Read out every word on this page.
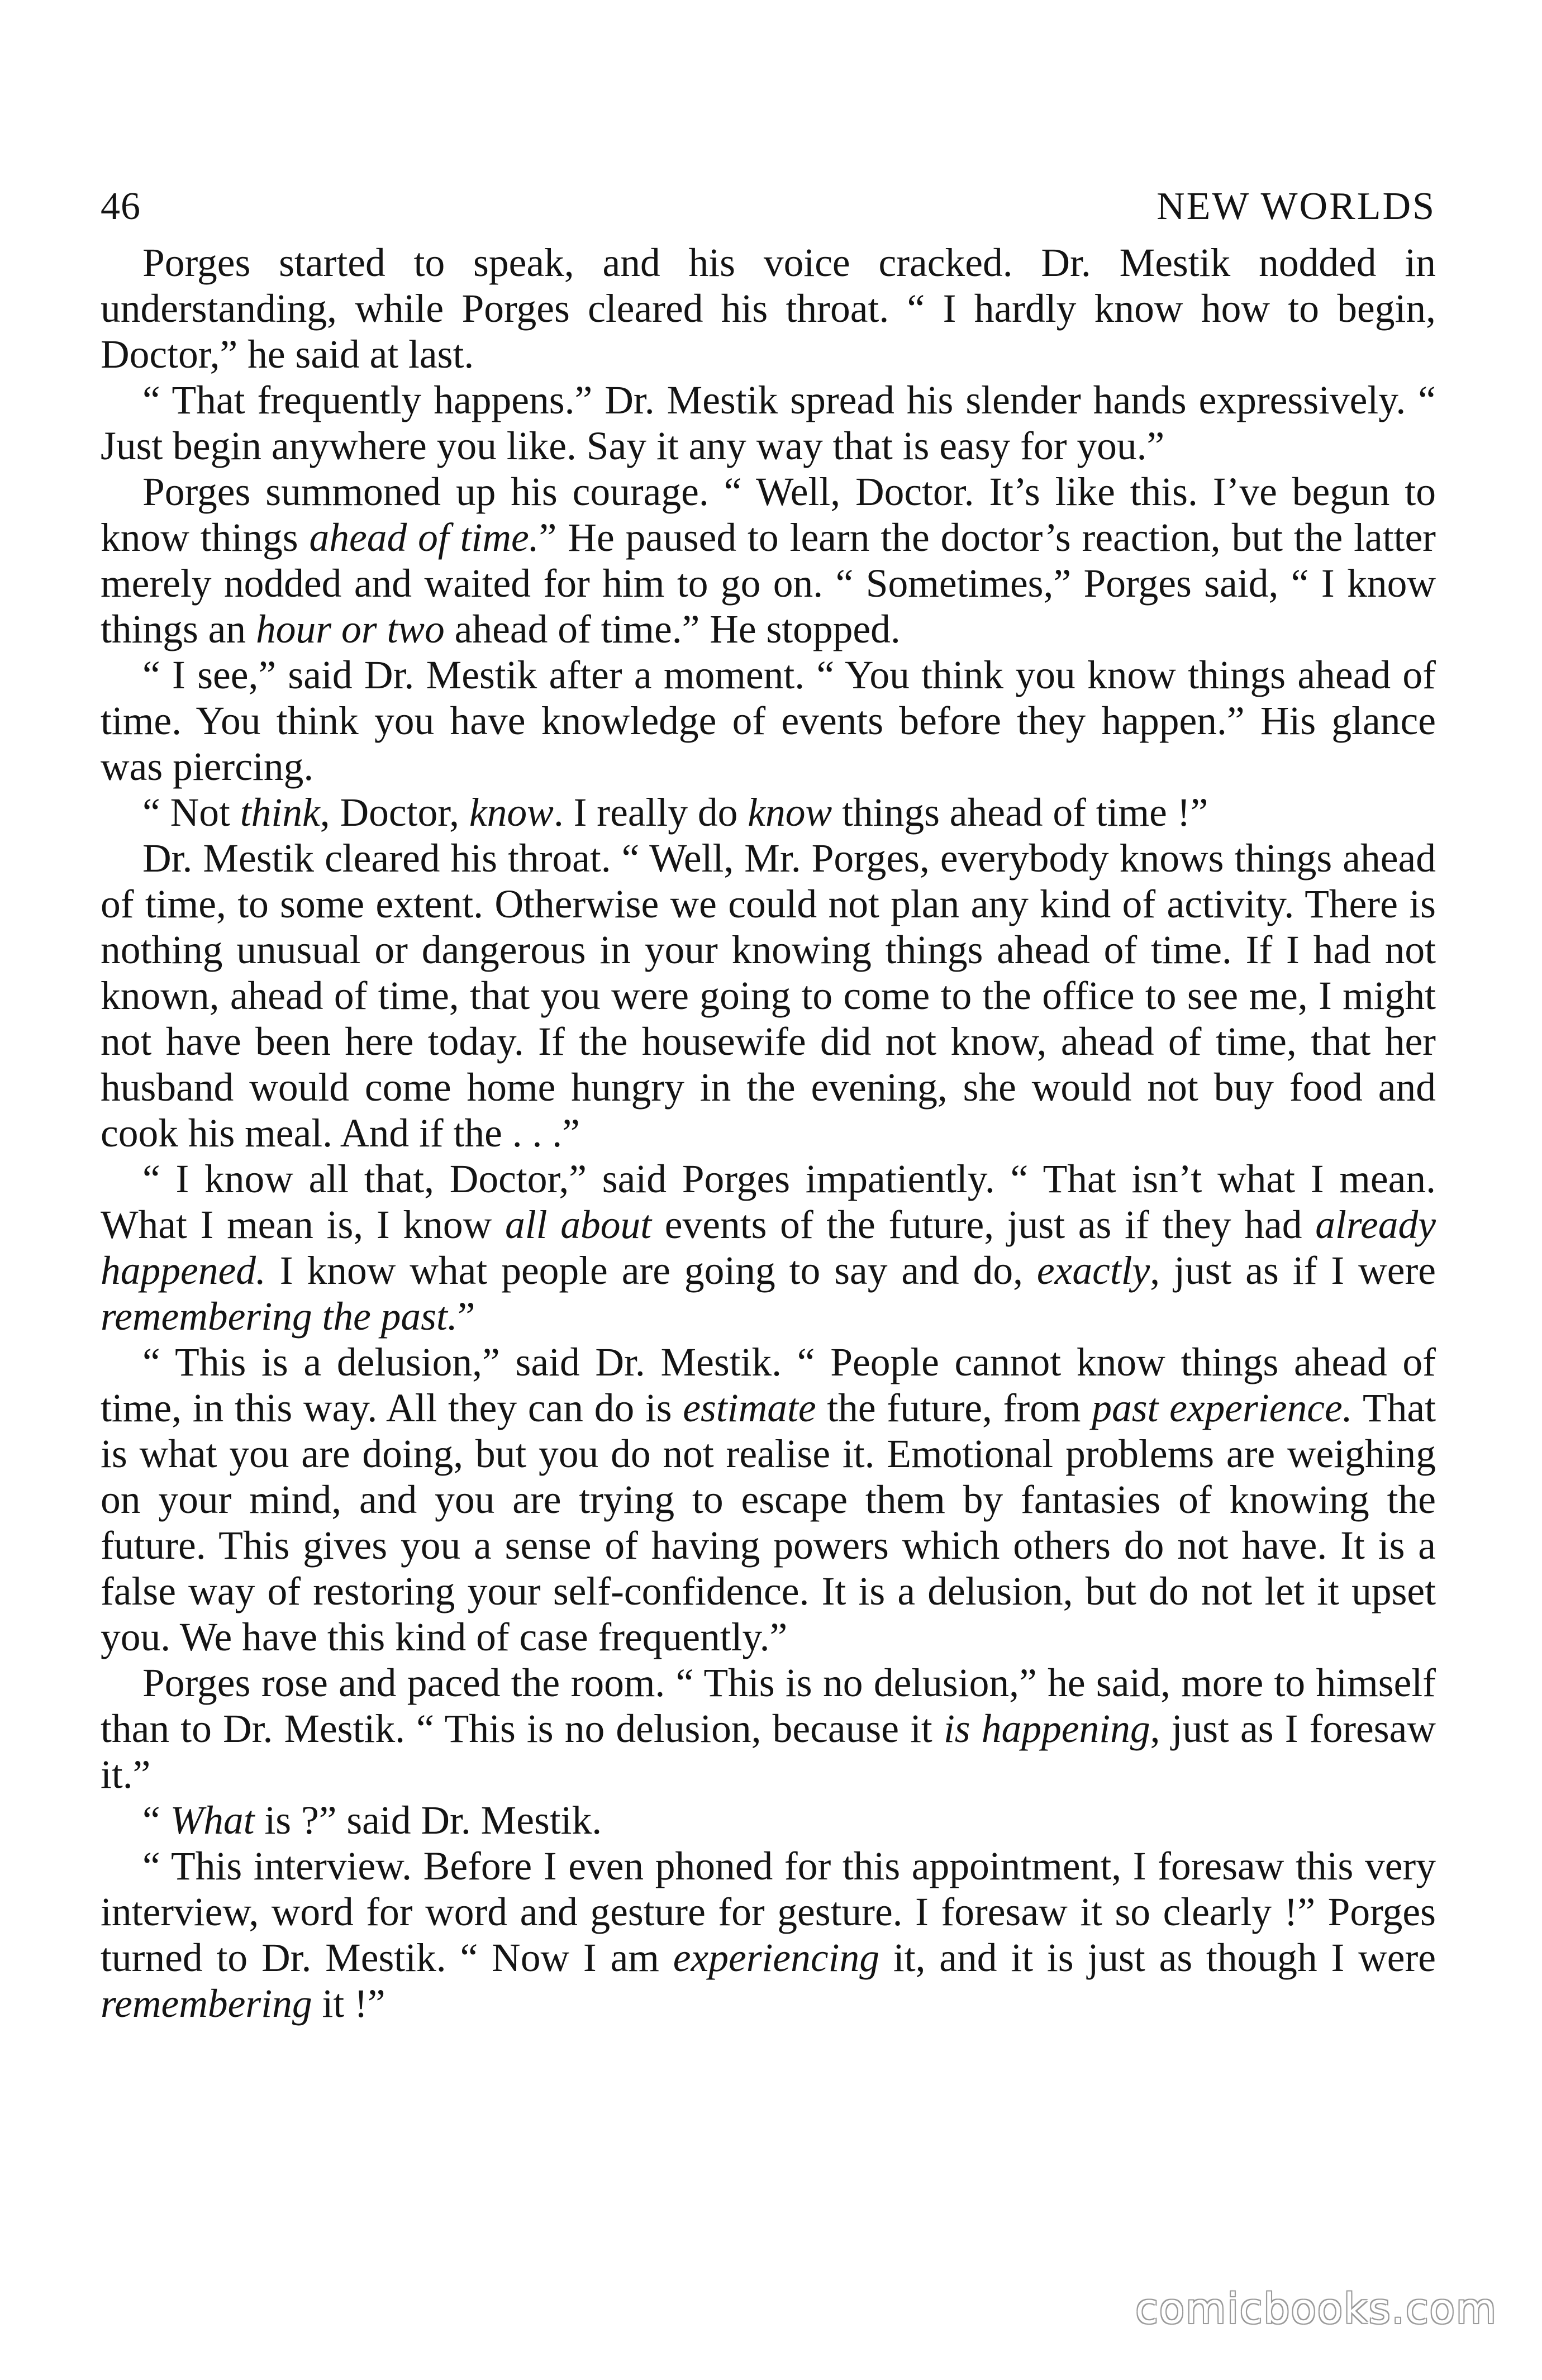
46	NEW WORLDS

Porges started to speak, and his voice cracked. Dr. Mestik nodded in understanding, while Porges cleared his throat. “ I hardly know how to begin, Doctor,” he said at last.

“ That frequently happens.” Dr. Mestik spread his slender hands expressively. “ Just begin anywhere you like. Say it any way that is easy for you.”

Porges summoned up his courage. “ Well, Doctor. It’s like this. I’ve begun to know things ahead of time.” He paused to learn the doctor’s reaction, but the latter merely nodded and waited for him to go on. “ Sometimes,” Porges said, “ I know things an hour or two ahead of time.” He stopped.

“ I see,” said Dr. Mestik after a moment. “ You think you know things ahead of time. You think you have knowledge of events before they happen.” His glance was piercing.

“ Not think, Doctor, know. I really do know things ahead of time !”

Dr. Mestik cleared his throat. “ Well, Mr. Porges, everybody knows things ahead of time, to some extent. Otherwise we could not plan any kind of activity. There is nothing unusual or dangerous in your knowing things ahead of time. If I had not known, ahead of time, that you were going to come to the office to see me, I might not have been here today. If the housewife did not know, ahead of time, that her husband would come home hungry in the evening, she would not buy food and cook his meal. And if the . . .”

“ I know all that, Doctor,” said Porges impatiently. “ That isn’t what I mean. What I mean is, I know all about events of the future, just as if they had already happened. I know what people are going to say and do, exactly, just as if I were remembering the past.”

“ This is a delusion,” said Dr. Mestik. “ People cannot know things ahead of time, in this way. All they can do is estimate the future, from past experience. That is what you are doing, but you do not realise it. Emotional problems are weighing on your mind, and you are trying to escape them by fantasies of knowing the future. This gives you a sense of having powers which others do not have. It is a false way of restoring your self-confidence. It is a delusion, but do not let it upset you. We have this kind of case frequently.”

Porges rose and paced the room. “ This is no delusion,” he said, more to himself than to Dr. Mestik. “ This is no delusion, because it is happening, just as I foresaw it.”

“ What is ?” said Dr. Mestik.

“ This interview. Before I even phoned for this appointment, I foresaw this very interview, word for word and gesture for gesture. I foresaw it so clearly !” Porges turned to Dr. Mestik. “ Now I am experiencing it, and it is just as though I were remembering it !”

comicbooks.com
